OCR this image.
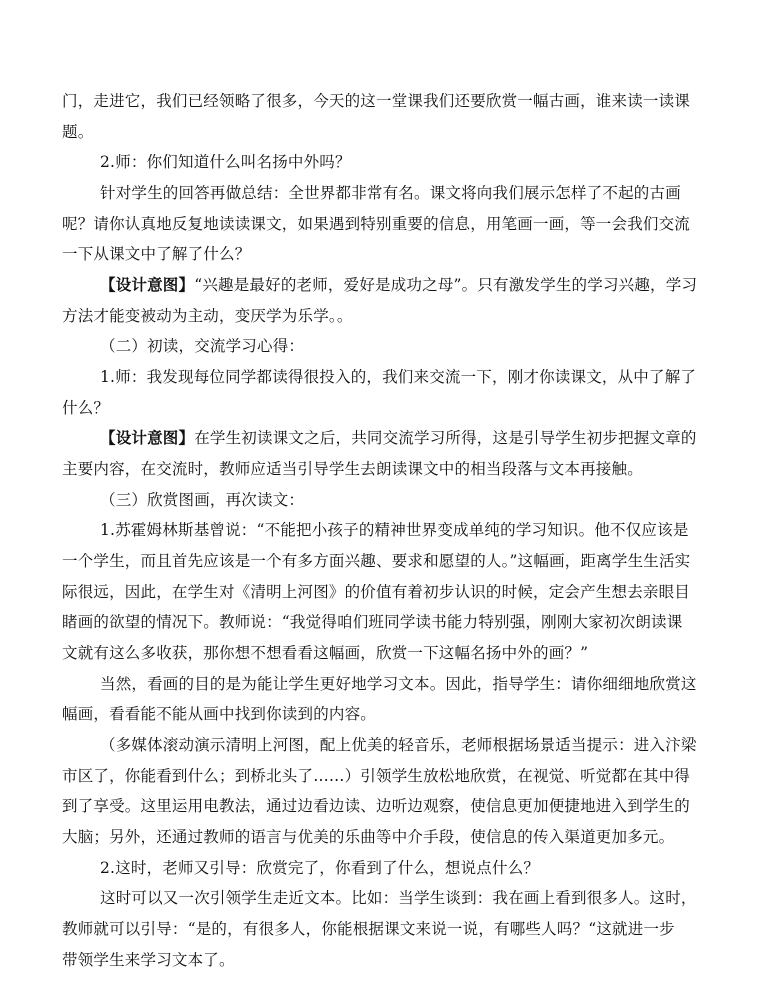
门，走进它，我们已经领略了很多，今天的这一堂课我们还要欣赏一幅古画，谁来读一读课
题。
2.师：你们知道什么叫名扬中外吗？
针对学生的回答再做总结：全世界都非常有名。课文将向我们展示怎样了不起的古画
呢？请你认真地反复地读读课文，如果遇到特别重要的信息，用笔画一画，等一会我们交流
一下从课文中了解了什么？
【设计意图】“兴趣是最好的老师，爱好是成功之母”。只有激发学生的学习兴趣，学习
方法才能变被动为主动，变厌学为乐学。。
（二）初读，交流学习心得：
1.师：我发现每位同学都读得很投入的，我们来交流一下，刚才你读课文，从中了解了
什么？
【设计意图】在学生初读课文之后，共同交流学习所得，这是引导学生初步把握文章的
主要内容，在交流时，教师应适当引导学生去朗读课文中的相当段落与文本再接触。
（三）欣赏图画，再次读文：
1.苏霍姆林斯基曾说：“不能把小孩子的精神世界变成单纯的学习知识。他不仅应该是
一个学生，而且首先应该是一个有多方面兴趣、要求和愿望的人。”这幅画，距离学生生活实
际很远，因此，在学生对《清明上河图》的价值有着初步认识的时候，定会产生想去亲眼目
睹画的欲望的情况下。教师说：“我觉得咱们班同学读书能力特别强，刚刚大家初次朗读课
文就有这么多收获，那你想不想看看这幅画，欣赏一下这幅名扬中外的画？”
当然，看画的目的是为能让学生更好地学习文本。因此，指导学生：请你细细地欣赏这
幅画，看看能不能从画中找到你读到的内容。
（多媒体滚动演示清明上河图，配上优美的轻音乐，老师根据场景适当提示：进入汴梁
市区了，你能看到什么；到桥北头了……）引领学生放松地欣赏，在视觉、听觉都在其中得
到了享受。这里运用电教法，通过边看边读、边听边观察，使信息更加便捷地进入到学生的
大脑；另外，还通过教师的语言与优美的乐曲等中介手段，使信息的传入渠道更加多元。
2.这时，老师又引导：欣赏完了，你看到了什么，想说点什么？
这时可以又一次引领学生走近文本。比如：当学生谈到：我在画上看到很多人。这时，
教师就可以引导：“是的，有很多人，你能根据课文来说一说，有哪些人吗？“这就进一步
带领学生来学习文本了。
